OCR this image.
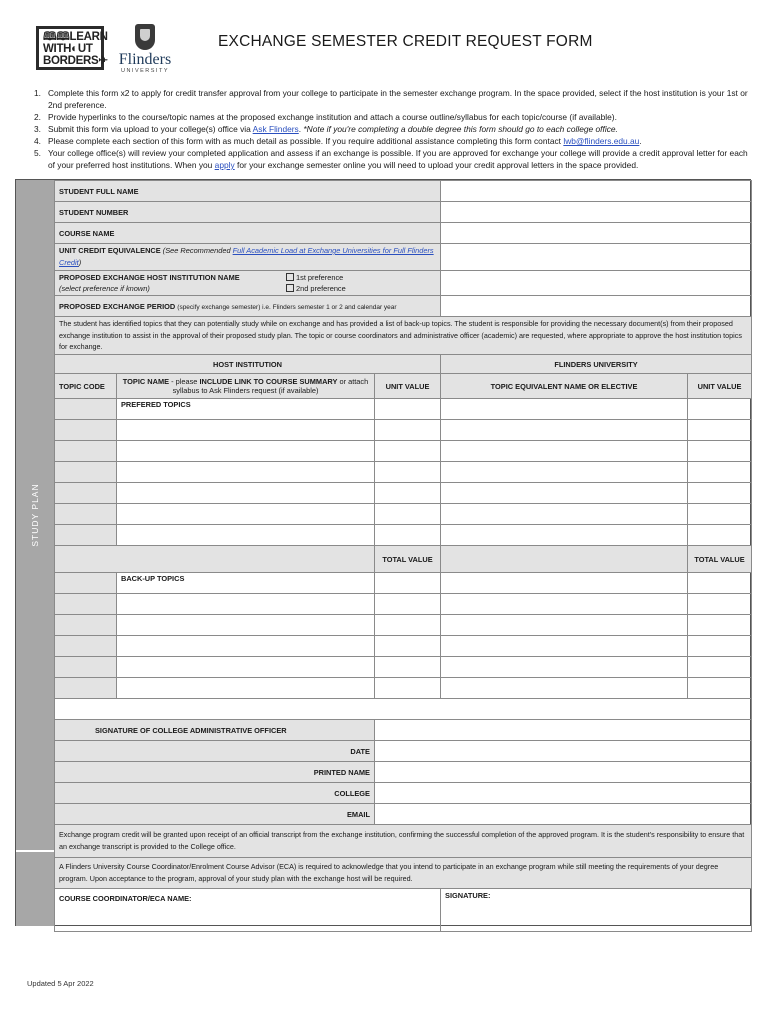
🕮🕮LEARN
WITH◐UT
BORDERS✈ Flinders
UNIVERSITY
EXCHANGE SEMESTER CREDIT REQUEST FORM
1. Complete this form x2 to apply for credit transfer approval from your college to participate in the semester exchange program. In the space provided, select if the host institution is your 1st or 2nd preference.
2. Provide hyperlinks to the course/topic names at the proposed exchange institution and attach a course outline/syllabus for each topic/course (if available).
3. Submit this form via upload to your college(s) office via Ask Flinders. *Note if you're completing a double degree this form should go to each college office.
4. Please complete each section of this form with as much detail as possible. If you require additional assistance completing this form contact lwb@flinders.edu.au.
5. Your college office(s) will review your completed application and assess if an exchange is possible. If you are approved for exchange your college will provide a credit approval letter for each of your preferred host institutions. When you apply for your exchange semester online you will need to upload your credit approval letters in the space provided.
STUDY PLAN
STUDENT FULL NAME				
STUDENT NUMBER				
COURSE NAME				
UNIT CREDIT EQUIVALENCE (See Recommended Full Academic Load at Exchange Universities for Full Flinders Credit)				

PROPOSED EXCHANGE HOST INSTITUTION NAME
(select preference if known)
1st preference
2nd preference				

PROPOSED EXCHANGE PERIOD (specify exchange semester) i.e. Flinders semester 1 or 2 and calendar year				
The student has identified topics that they can potentially study while on exchange and has provided a list of back-up topics. The student is responsible for providing the necessary document(s) from their proposed exchange institution to assist in the approval of their proposed study plan. The topic or course coordinators and administrative officer (academic) are requested, where appropriate to approve the host institution topics for exchange.				
HOST INSTITUTION			FLINDERS UNIVERSITY	
TOPIC CODE	TOPIC NAME - please INCLUDE LINK TO COURSE SUMMARY or attach syllabus to Ask Flinders request (if available)	UNIT VALUE	TOPIC EQUIVALENT NAME OR ELECTIVE	UNIT VALUE
	PREFERED TOPICS			

		TOTAL VALUE		TOTAL VALUE
	BACK-UP TOPICS			

SIGNATURE OF COLLEGE ADMINISTRATIVE OFFICER				
DATE				
PRINTED NAME				
COLLEGE				
EMAIL				
Exchange program credit will be granted upon receipt of an official transcript from the exchange institution, confirming the successful completion of the approved program. It is the student's responsibility to ensure that an exchange transcript is provided to the College office.				
A Flinders University Course Coordinator/Enrolment Course Advisor (ECA) is required to acknowledge that you intend to participate in an exchange program while still meeting the requirements of your degree program. Upon acceptance to the program, approval of your study plan with the exchange host will be required.				
COURSE COORDINATOR/ECA NAME:			SIGNATURE:	
Updated 5 Apr 2022
